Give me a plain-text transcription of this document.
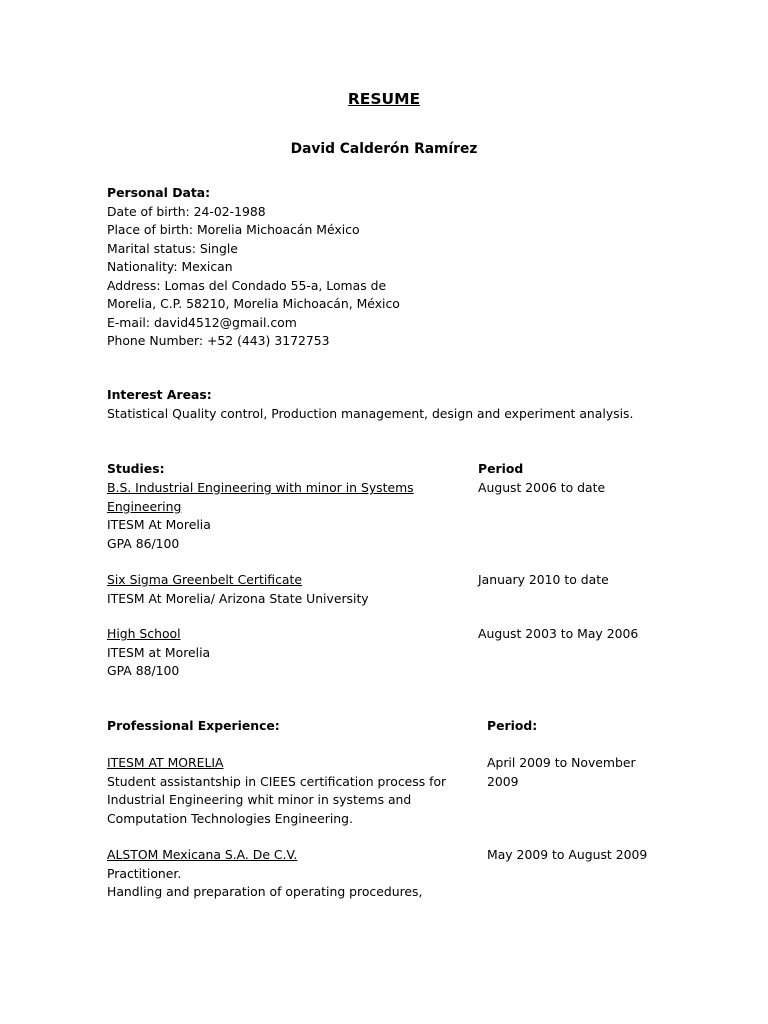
RESUME
David Calderón Ramírez
Personal Data:
Date of birth: 24-02-1988
Place of birth: Morelia Michoacán México
Marital status: Single
Nationality: Mexican
Address: Lomas del Condado 55-a, Lomas de
Morelia, C.P. 58210, Morelia Michoacán, México
E-mail: david4512@gmail.com
Phone Number: +52 (443) 3172753
Interest Areas:
Statistical Quality control, Production management, design and experiment analysis.
Studies:	Period
B.S. Industrial Engineering with minor in Systems
Engineering
ITESM At Morelia
GPA 86/100
August 2006 to date
Six Sigma Greenbelt Certificate
ITESM At Morelia/ Arizona State University
January 2010 to date
High School
ITESM at Morelia
GPA 88/100
August 2003 to May 2006
Professional Experience:	Period:
ITESM AT MORELIA
Student assistantship in CIEES certification process for
Industrial Engineering whit minor in systems and
Computation Technologies Engineering.
April 2009 to November
2009
ALSTOM Mexicana S.A. De C.V.
Practitioner.
Handling and preparation of operating procedures,
May 2009 to August 2009
